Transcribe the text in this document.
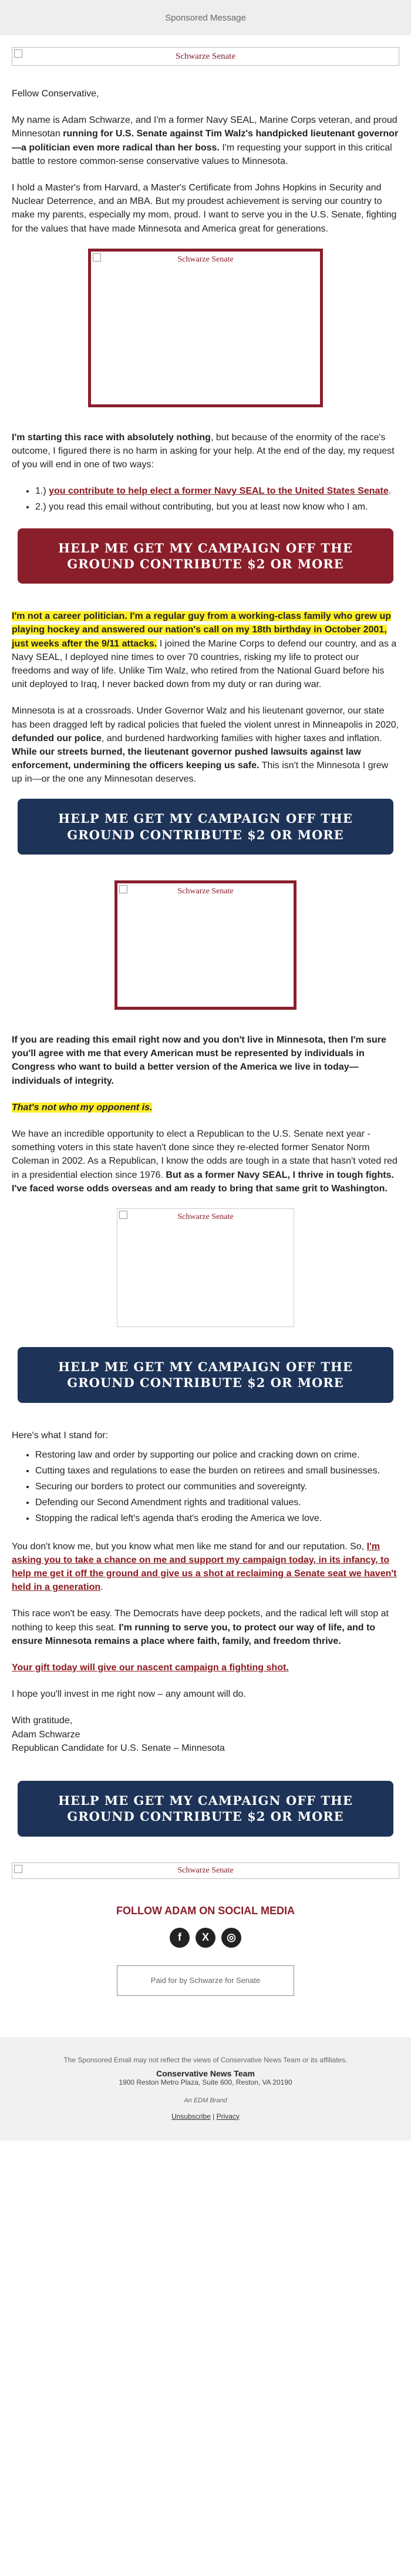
Sponsored Message
Schwarze Senate

Fellow Conservative,

My name is Adam Schwarze, and I'm a former Navy SEAL, Marine Corps veteran, and proud Minnesotan running for U.S. Senate against Tim Walz's handpicked lieutenant governor—a politician even more radical than her boss. I'm requesting your support in this critical battle to restore common-sense conservative values to Minnesota.

I hold a Master's from Harvard, a Master's Certificate from Johns Hopkins in Security and Nuclear Deterrence, and an MBA. But my proudest achievement is serving our country to make my parents, especially my mom, proud. I want to serve you in the U.S. Senate, fighting for the values that have made Minnesota and America great for generations.

Schwarze Senate

I'm starting this race with absolutely nothing, but because of the enormity of the race's outcome, I figured there is no harm in asking for your help. At the end of the day, my request of you will end in one of two ways:

• 1.) you contribute to help elect a former Navy SEAL to the United States Senate.
• 2.) you read this email without contributing, but you at least now know who I am.
HELP ME GET MY CAMPAIGN OFF THE GROUND CONTRIBUTE $2 OR MORE

I'm not a career politician. I'm a regular guy from a working-class family who grew up playing hockey and answered our nation's call on my 18th birthday in October 2001, just weeks after the 9/11 attacks. I joined the Marine Corps to defend our country, and as a Navy SEAL, I deployed nine times to over 70 countries, risking my life to protect our freedoms and way of life. Unlike Tim Walz, who retired from the National Guard before his unit deployed to Iraq, I never backed down from my duty or ran during war.

Minnesota is at a crossroads. Under Governor Walz and his lieutenant governor, our state has been dragged left by radical policies that fueled the violent unrest in Minneapolis in 2020, defunded our police, and burdened hardworking families with higher taxes and inflation. While our streets burned, the lieutenant governor pushed lawsuits against law enforcement, undermining the officers keeping us safe. This isn't the Minnesota I grew up in—or the one any Minnesotan deserves.

HELP ME GET MY CAMPAIGN OFF THE GROUND CONTRIBUTE $2 OR MORE
Schwarze Senate

If you are reading this email right now and you don't live in Minnesota, then I'm sure you'll agree with me that every American must be represented by individuals in Congress who want to build a better version of the America we live in today—individuals of integrity.

That's not who my opponent is.

We have an incredible opportunity to elect a Republican to the U.S. Senate next year - something voters in this state haven't done since they re-elected former Senator Norm Coleman in 2002. As a Republican, I know the odds are tough in a state that hasn't voted red in a presidential election since 1976. But as a former Navy SEAL, I thrive in tough fights. I've faced worse odds overseas and am ready to bring that same grit to Washington.

Schwarze Senate
HELP ME GET MY CAMPAIGN OFF THE GROUND CONTRIBUTE $2 OR MORE

Here's what I stand for:

• Restoring law and order by supporting our police and cracking down on crime.
• Cutting taxes and regulations to ease the burden on retirees and small businesses.
• Securing our borders to protect our communities and sovereignty.
• Defending our Second Amendment rights and traditional values.
• Stopping the radical left's agenda that's eroding the America we love.

You don't know me, but you know what men like me stand for and our reputation. So, I'm asking you to take a chance on me and support my campaign today, in its infancy, to help me get it off the ground and give us a shot at reclaiming a Senate seat we haven't held in a generation.

This race won't be easy. The Democrats have deep pockets, and the radical left will stop at nothing to keep this seat. I'm running to serve you, to protect our way of life, and to ensure Minnesota remains a place where faith, family, and freedom thrive.

Your gift today will give our nascent campaign a fighting shot.

I hope you'll invest in me right now – any amount will do.

With gratitude,
Adam Schwarze
Republican Candidate for U.S. Senate – Minnesota

HELP ME GET MY CAMPAIGN OFF THE GROUND CONTRIBUTE $2 OR MORE
Schwarze Senate
FOLLOW ADAM ON SOCIAL MEDIA
f	X	◎
Paid for by Schwarze for Senate
The Sponsored Email may not reflect the views of Conservative News Team or its affiliates.
Conservative News Team
1900 Reston Metro Plaza, Suite 600, Reston, VA 20190
An EDM Brand
Unsubscribe | Privacy
